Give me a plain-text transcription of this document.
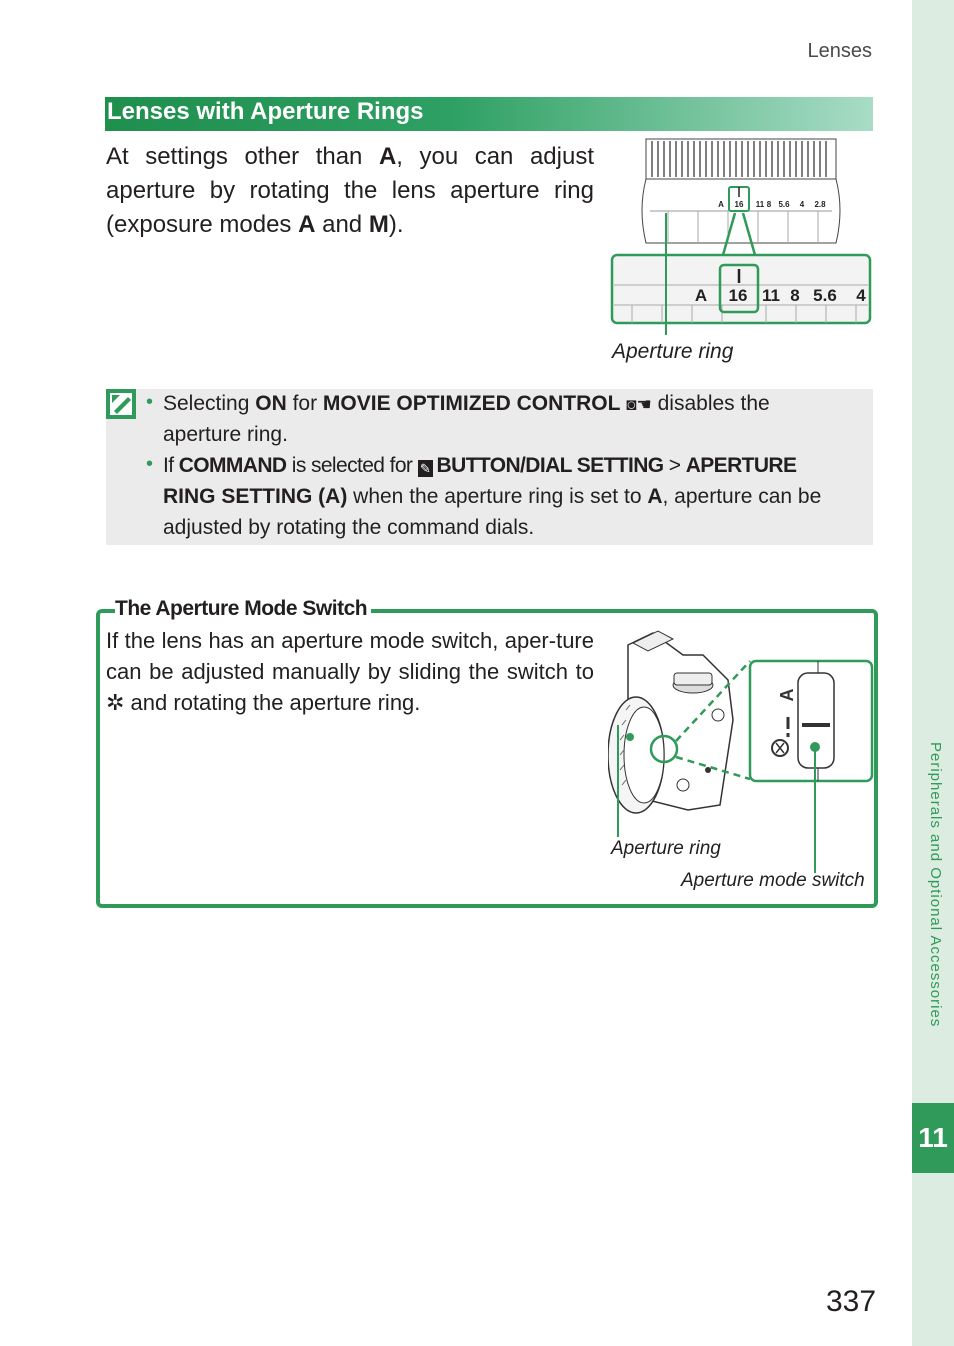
11
Peripherals and Optional Accessories
Lenses
Lenses with Aperture Rings
At settings other than A, you can adjust aperture by rotating the lens aperture ring (exposure modes A and M).
A 16 11 8 5.6 4 2.8
A 16 11 8 5.6 4
Aperture ring
• Selecting ON for MOVIE OPTIMIZED CONTROL ◙☚ disables the
aperture ring.
• If COMMAND is selected for ✎ BUTTON/DIAL SETTING > APERTURE
RING SETTING (A) when the aperture ring is set to A, aperture can be
adjusted by rotating the command dials.
The Aperture Mode Switch
If the lens has an aperture mode switch, aper-ture can be adjusted manually by sliding the switch to ✲ and rotating the aperture ring.	A
Aperture ring
Aperture mode switch
337
